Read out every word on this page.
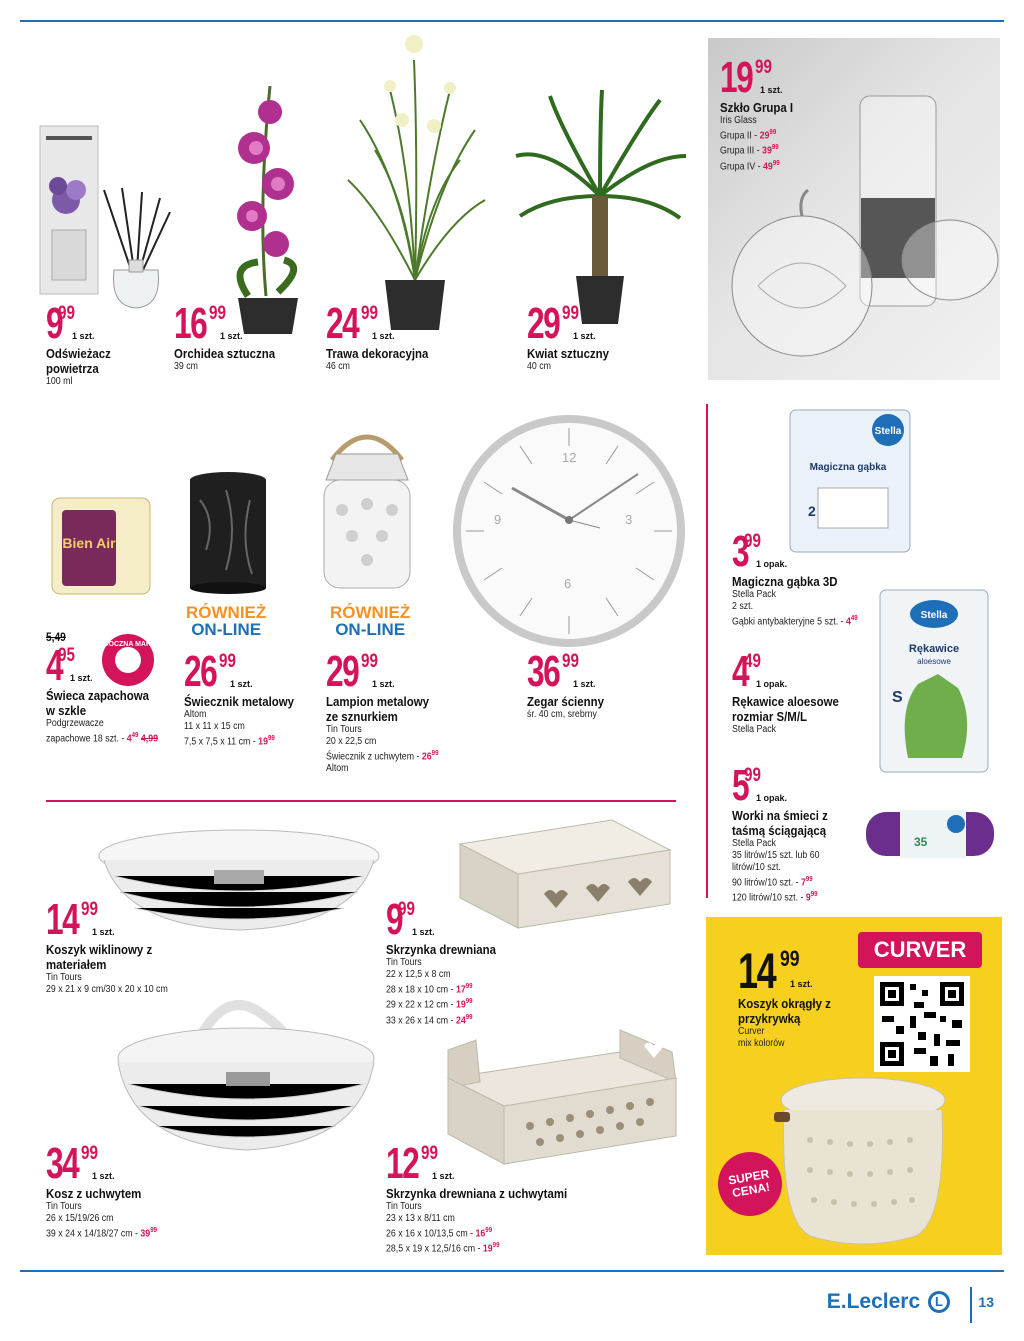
9
99
1 szt.
Odświeżacz powietrza
100 ml
16 99
1 szt.
Orchidea sztuczna
39 cm
24 99
1 szt.
Trawa dekoracyjna
46 cm
29 99
1 szt.
Kwiat sztuczny
40 cm
19 99
1 szt.
Szkło Grupa I
Iris Glass
Grupa II - $29^{99}$
Grupa III - $39^{99}$
Grupa IV - $49^{99}$
Bien Air
WIDOCZNA MARKA
5,49
4
95
1 szt.
Świeca zapachowa w szkle
Podgrzewacze
zapachowe 18 szt. - $4^{49}$ 4,99
RÓWNIEŻ
ON-LINE
26 99
1 szt.
Świecznik metalowy
Altom
11 x 11 x 15 cm
7,5 x 7,5 x 11 cm - $19^{99}$
RÓWNIEŻ
ON-LINE
29 99
1 szt.
Lampion metalowy ze sznurkiem
Tin Tours
20 x 22,5 cm
Świecznik z uchwytem - $26^{99}$
Altom
12
3
6
9
36 99
1 szt.
Zegar ścienny
śr. 40 cm, srebrny
Stella
Magiczna gąbka
2
3
99
1 opak.
Magiczna gąbka 3D
Stella Pack
2 szt.
Gąbki antybakteryjne 5 szt. - $4^{49}$	Stella
Rękawice
aloesowe
S
4
49
1 opak.
Rękawice aloesowe rozmiar S/M/L
Stella Pack
35
5
99
1 opak.
Worki na śmieci z taśmą ściągającą
Stella Pack
35 litrów/15 szt. lub 60
litrów/10 szt.
90 litrów/10 szt. - $7^{99}$
120 litrów/10 szt. - $9^{99}$
14 99
1 szt.
Koszyk wiklinowy z materiałem
Tin Tours
29 x 21 x 9 cm/30 x 20 x 10 cm
9
99
1 szt.
Skrzynka drewniana
Tin Tours
22 x 12,5 x 8 cm
28 x 18 x 10 cm - $17^{99}$
29 x 22 x 12 cm - $19^{99}$
33 x 26 x 14 cm - $24^{99}$
CURVER
14 99
1 szt.
Koszyk okrągły z przykrywką
Curver
mix kolorów
SUPER CENA!
34 99
1 szt.
Kosz z uchwytem
Tin Tours
26 x 15/19/26 cm
39 x 24 x 14/18/27 cm - $39^{99}$
12 99
1 szt.
Skrzynka drewniana z uchwytami
Tin Tours
23 x 13 x 8/11 cm
26 x 16 x 10/13,5 cm - $16^{99}$
28,5 x 19 x 12,5/16 cm - $19^{99}$
E.Leclerc L	13
